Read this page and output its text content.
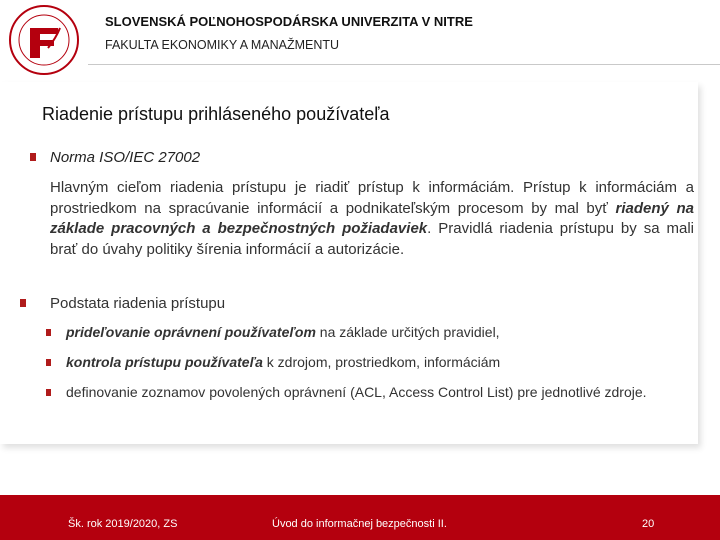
SLOVENSKÁ POĽNOHOSPODÁRSKA UNIVERZITA V NITRE
FAKULTA EKONOMIKY A MANAŽMENTU
Riadenie prístupu prihláseného používateľa
Norma ISO/IEC 27002
Hlavným cieľom riadenia prístupu je riadiť prístup k informáciám. Prístup k informáciám a prostriedkom na spracúvanie informácií a podnikateľským procesom by mal byť riadený na základe pracovných a bezpečnostných požiadaviek. Pravidlá riadenia prístupu by sa mali brať do úvahy politiky šírenia informácií a autorizácie.
Podstata riadenia prístupu
prideľovanie oprávnení používateľom na základe určitých pravidiel,
kontrola prístupu používateľa k zdrojom, prostriedkom, informáciám
definovanie zoznamov povolených oprávnení (ACL, Access Control List) pre jednotlivé zdroje.
Šk. rok 2019/2020, ZS	Úvod do informačnej bezpečnosti II.	20
